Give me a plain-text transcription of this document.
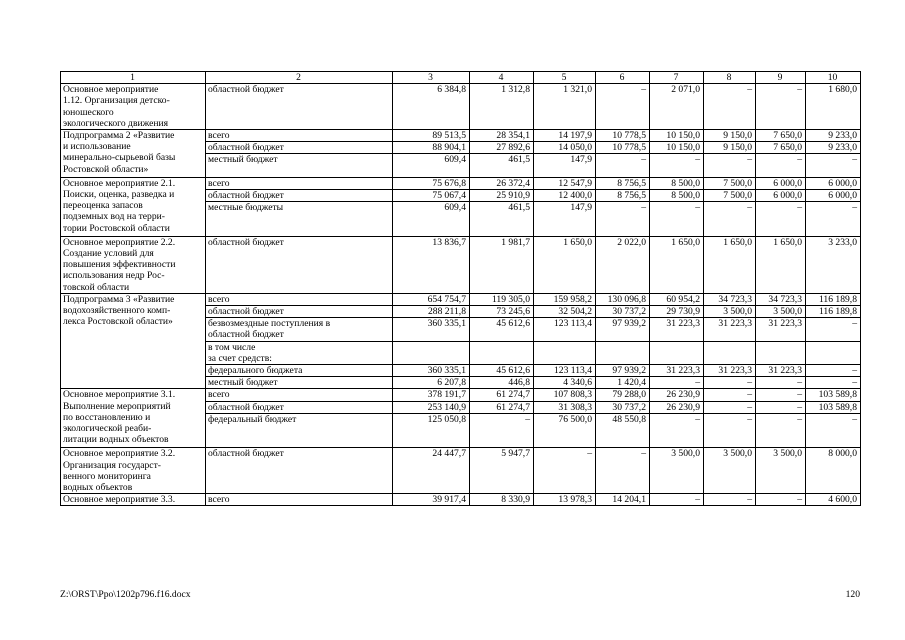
1	2	3	4	5	6	7	8	9	10

Основное мероприятие
1.12. Организация детско-
юношеского
экологического движения	областной бюджет	6 384,8	1 312,8	1 321,0	–	2 071,0	–	–	1 680,0

Подпрограмма 2 «Развитие
и использование
минерально-сырьевой базы
Ростовской области»	всего	89 513,5	28 354,1	14 197,9	10 778,5	10 150,0	9 150,0	7 650,0	9 233,0

	областной бюджет	88 904,1	27 892,6	14 050,0	10 778,5	10 150,0	9 150,0	7 650,0	9 233,0

	местный бюджет	609,4	461,5	147,9	–	–	–	–	–

Основное мероприятие 2.1.
Поиски, оценка, разведка и
переоценка запасов
подземных вод на терри-
тории Ростовской области	всего	75 676,8	26 372,4	12 547,9	8 756,5	8 500,0	7 500,0	6 000,0	6 000,0

	областной бюджет	75 067,4	25 910,9	12 400,0	8 756,5	8 500,0	7 500,0	6 000,0	6 000,0

	местные бюджеты	609,4	461,5	147,9	–	–	–	–	–

Основное мероприятие 2.2.
Создание условий для
повышения эффективности
использования недр Рос-
товской области	областной бюджет	13 836,7	1 981,7	1 650,0	2 022,0	1 650,0	1 650,0	1 650,0	3 233,0

Подпрограмма 3 «Развитие
водохозяйственного комп-
лекса Ростовской области»	всего	654 754,7	119 305,0	159 958,2	130 096,8	60 954,2	34 723,3	34 723,3	116 189,8

	областной бюджет	288 211,8	73 245,6	32 504,2	30 737,2	29 730,9	3 500,0	3 500,0	116 189,8

	безвозмездные поступления в
областной бюджет	360 335,1	45 612,6	123 113,4	97 939,2	31 223,3	31 223,3	31 223,3	–

	в том числе
за счет средств:								

	федерального бюджета	360 335,1	45 612,6	123 113,4	97 939,2	31 223,3	31 223,3	31 223,3	–

	местный бюджет	6 207,8	446,8	4 340,6	1 420,4	–	–	–	–

Основное мероприятие 3.1.
Выполнение мероприятий
по восстановлению и
экологической реаби-
литации водных объектов	всего	378 191,7	61 274,7	107 808,3	79 288,0	26 230,9	–	–	103 589,8

	областной бюджет	253 140,9	61 274,7	31 308,3	30 737,2	26 230,9	–	–	103 589,8

	федеральный бюджет	125 050,8	–	76 500,0	48 550,8	–	–	–	–

Основное мероприятие 3.2.
Организация государст-
венного мониторинга
водных объектов	областной бюджет	24 447,7	5 947,7	–	–	3 500,0	3 500,0	3 500,0	8 000,0

Основное мероприятие 3.3.	всего	39 917,4	8 330,9	13 978,3	14 204,1	–	–	–	4 600,0
Z:\ORST\Ppo\1202p796.f16.docx	120
